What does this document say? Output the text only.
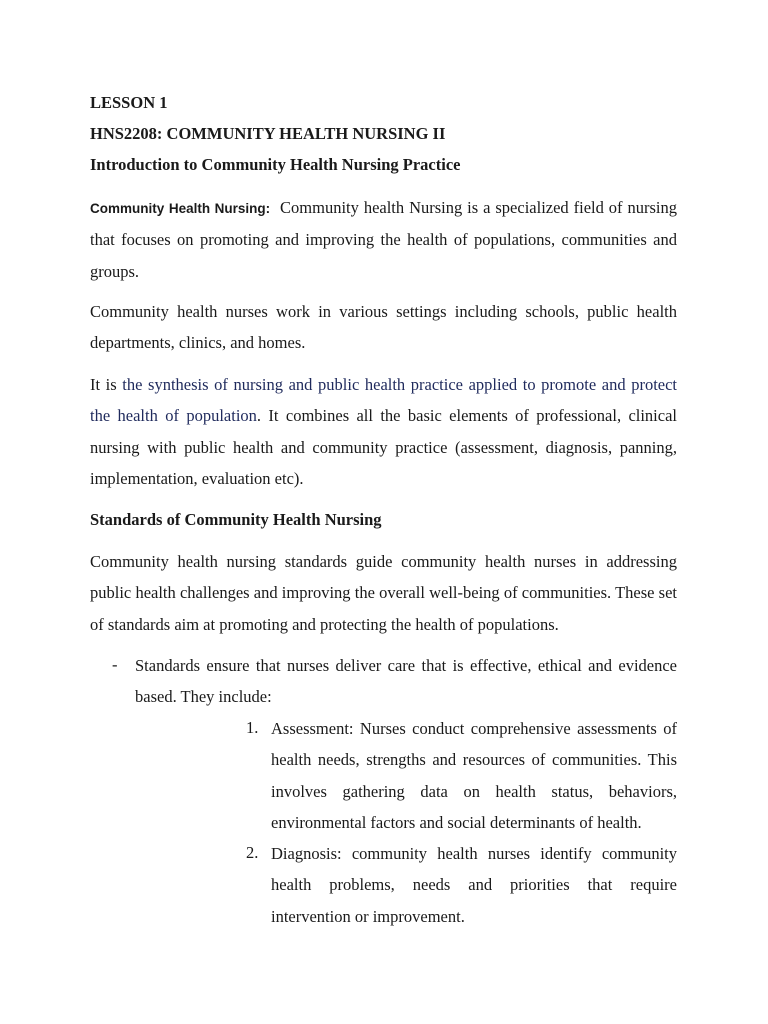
LESSON 1
HNS2208: COMMUNITY HEALTH NURSING II
Introduction to Community Health Nursing Practice

Community Health Nursing: Community health Nursing is a specialized field of nursing that focuses on promoting and improving the health of populations, communities and groups.

Community health nurses work in various settings including schools, public health departments, clinics, and homes.

It is the synthesis of nursing and public health practice applied to promote and protect the health of population. It combines all the basic elements of professional, clinical nursing with public health and community practice (assessment, diagnosis, panning, implementation, evaluation etc).

Standards of Community Health Nursing

Community health nursing standards guide community health nurses in addressing public health challenges and improving the overall well-being of communities. These set of standards aim at promoting and protecting the health of populations.

- Standards ensure that nurses deliver care that is effective, ethical and evidence based. They include:

1. Assessment: Nurses conduct comprehensive assessments of health needs, strengths and resources of communities. This involves gathering data on health status, behaviors, environmental factors and social determinants of health.

2. Diagnosis: community health nurses identify community health problems, needs and priorities that require intervention or improvement.
